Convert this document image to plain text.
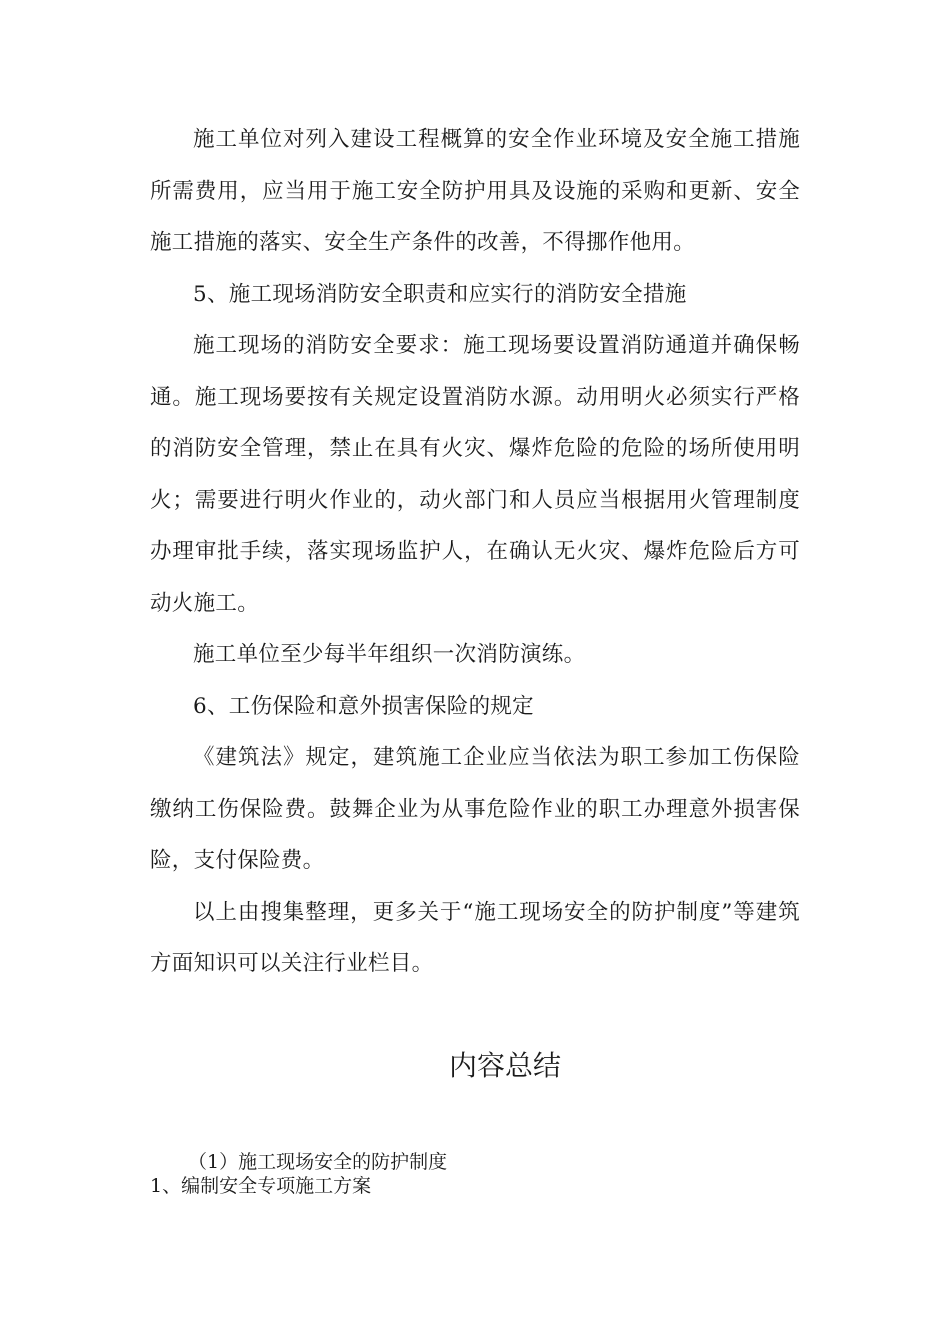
施工单位对列入建设工程概算的安全作业环境及安全施工措施所需费用，应当用于施工安全防护用具及设施的采购和更新、安全施工措施的落实、安全生产条件的改善，不得挪作他用。

5、施工现场消防安全职责和应实行的消防安全措施

施工现场的消防安全要求：施工现场要设置消防通道并确保畅通。施工现场要按有关规定设置消防水源。动用明火必须实行严格的消防安全管理，禁止在具有火灾、爆炸危险的危险的场所使用明火；需要进行明火作业的，动火部门和人员应当根据用火管理制度办理审批手续，落实现场监护人，在确认无火灾、爆炸危险后方可动火施工。

施工单位至少每半年组织一次消防演练。

6、工伤保险和意外损害保险的规定

《建筑法》规定，建筑施工企业应当依法为职工参加工伤保险缴纳工伤保险费。鼓舞企业为从事危险作业的职工办理意外损害保险，支付保险费。

以上由搜集整理，更多关于“施工现场安全的防护制度”等建筑方面知识可以关注行业栏目。

内容总结

（1）施工现场安全的防护制度

1、编制安全专项施工方案
